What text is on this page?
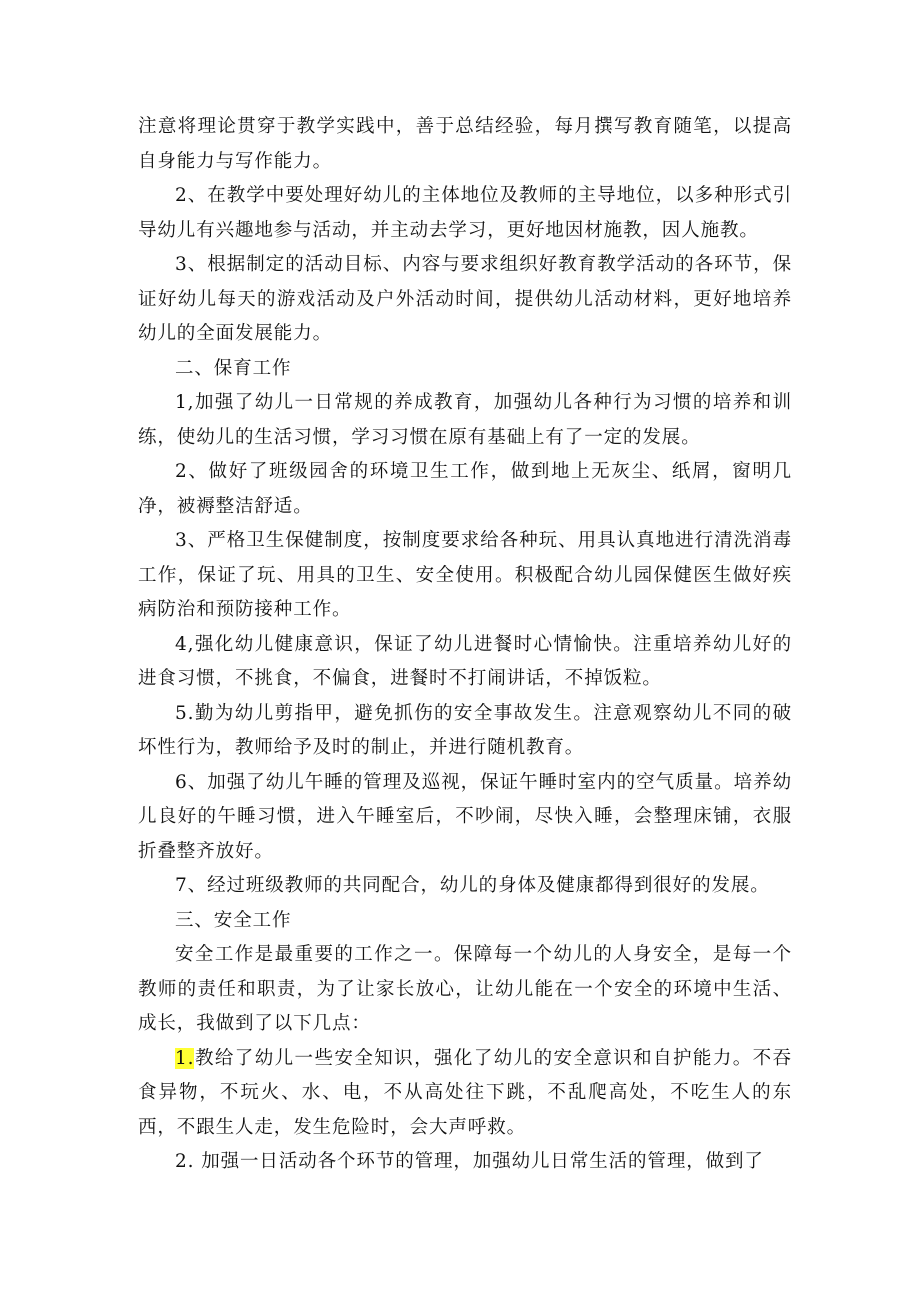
注意将理论贯穿于教学实践中，善于总结经验，每月撰写教育随笔，以提高自身能力与写作能力。

2、在教学中要处理好幼儿的主体地位及教师的主导地位，以多种形式引导幼儿有兴趣地参与活动，并主动去学习，更好地因材施教，因人施教。

3、根据制定的活动目标、内容与要求组织好教育教学活动的各环节，保证好幼儿每天的游戏活动及户外活动时间，提供幼儿活动材料，更好地培养幼儿的全面发展能力。

二、保育工作

1,加强了幼儿一日常规的养成教育，加强幼儿各种行为习惯的培养和训练，使幼儿的生活习惯，学习习惯在原有基础上有了一定的发展。

2、做好了班级园舍的环境卫生工作，做到地上无灰尘、纸屑，窗明几净，被褥整洁舒适。

3、严格卫生保健制度，按制度要求给各种玩、用具认真地进行清洗消毒工作，保证了玩、用具的卫生、安全使用。积极配合幼儿园保健医生做好疾病防治和预防接种工作。

4,强化幼儿健康意识，保证了幼儿进餐时心情愉快。注重培养幼儿好的进食习惯，不挑食，不偏食，进餐时不打闹讲话，不掉饭粒。

5.勤为幼儿剪指甲，避免抓伤的安全事故发生。注意观察幼儿不同的破坏性行为，教师给予及时的制止，并进行随机教育。

6、加强了幼儿午睡的管理及巡视，保证午睡时室内的空气质量。培养幼儿良好的午睡习惯，进入午睡室后，不吵闹，尽快入睡，会整理床铺，衣服折叠整齐放好。

7、经过班级教师的共同配合，幼儿的身体及健康都得到很好的发展。

三、安全工作

安全工作是最重要的工作之一。保障每一个幼儿的人身安全，是每一个教师的责任和职责，为了让家长放心，让幼儿能在一个安全的环境中生活、成长，我做到了以下几点：

1.教给了幼儿一些安全知识，强化了幼儿的安全意识和自护能力。不吞食异物，不玩火、水、电，不从高处往下跳，不乱爬高处，不吃生人的东西，不跟生人走，发生危险时，会大声呼救。

2. 加强一日活动各个环节的管理，加强幼儿日常生活的管理，做到了
